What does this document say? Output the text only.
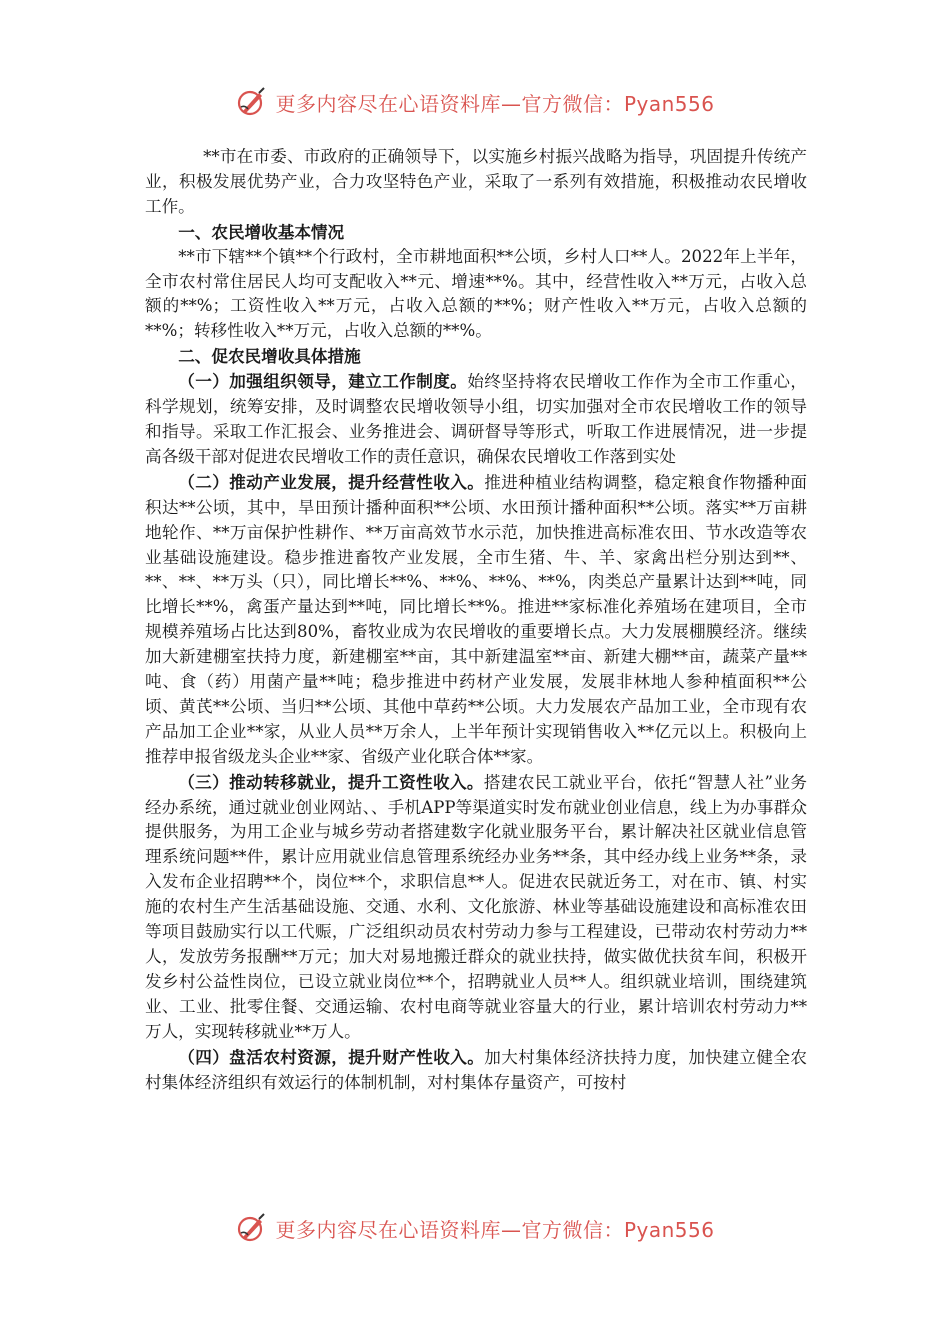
更多内容尽在心语资料库—官方微信：Pyan556

**市在市委、市政府的正确领导下，以实施乡村振兴战略为指导，巩固提升传统产业，积极发展优势产业，合力攻坚特色产业，采取了一系列有效措施，积极推动农民增收工作。

一、农民增收基本情况

**市下辖**个镇**个行政村，全市耕地面积**公顷，乡村人口**人。2022年上半年，全市农村常住居民人均可支配收入**元、增速**%。其中，经营性收入**万元，占收入总额的**%；工资性收入**万元，占收入总额的**%；财产性收入**万元，占收入总额的**%；转移性收入**万元，占收入总额的**%。

二、促农民增收具体措施

（一）加强组织领导，建立工作制度。始终坚持将农民增收工作作为全市工作重心，科学规划，统筹安排，及时调整农民增收领导小组，切实加强对全市农民增收工作的领导和指导。采取工作汇报会、业务推进会、调研督导等形式，听取工作进展情况，进一步提高各级干部对促进农民增收工作的责任意识，确保农民增收工作落到实处

（二）推动产业发展，提升经营性收入。推进种植业结构调整，稳定粮食作物播种面积达**公顷，其中，旱田预计播种面积**公顷、水田预计播种面积**公顷。落实**万亩耕地轮作、**万亩保护性耕作、**万亩高效节水示范，加快推进高标准农田、节水改造等农业基础设施建设。稳步推进畜牧产业发展，全市生猪、牛、羊、家禽出栏分别达到**、**、**、**万头（只），同比增长**%、**%、**%、**%，肉类总产量累计达到**吨，同比增长**%，禽蛋产量达到**吨，同比增长**%。推进**家标准化养殖场在建项目，全市规模养殖场占比达到80%，畜牧业成为农民增收的重要增长点。大力发展棚膜经济。继续加大新建棚室扶持力度，新建棚室**亩，其中新建温室**亩、新建大棚**亩，蔬菜产量**吨、食（药）用菌产量**吨；稳步推进中药材产业发展，发展非林地人参种植面积**公顷、黄芪**公顷、当归**公顷、其他中草药**公顷。大力发展农产品加工业，全市现有农产品加工企业**家，从业人员**万余人，上半年预计实现销售收入**亿元以上。积极向上推荐申报省级龙头企业**家、省级产业化联合体**家。

（三）推动转移就业，提升工资性收入。搭建农民工就业平台，依托“智慧人社”业务经办系统，通过就业创业网站、、手机APP等渠道实时发布就业创业信息，线上为办事群众提供服务，为用工企业与城乡劳动者搭建数字化就业服务平台，累计解决社区就业信息管理系统问题**件，累计应用就业信息管理系统经办业务**条，其中经办线上业务**条，录入发布企业招聘**个，岗位**个，求职信息**人。促进农民就近务工，对在市、镇、村实施的农村生产生活基础设施、交通、水利、文化旅游、林业等基础设施建设和高标准农田等项目鼓励实行以工代赈，广泛组织动员农村劳动力参与工程建设，已带动农村劳动力**人，发放劳务报酬**万元；加大对易地搬迁群众的就业扶持，做实做优扶贫车间，积极开发乡村公益性岗位，已设立就业岗位**个，招聘就业人员**人。组织就业培训，围绕建筑业、工业、批零住餐、交通运输、农村电商等就业容量大的行业，累计培训农村劳动力**万人，实现转移就业**万人。

（四）盘活农村资源，提升财产性收入。加大村集体经济扶持力度，加快建立健全农村集体经济组织有效运行的体制机制，对村集体存量资产，可按村

更多内容尽在心语资料库—官方微信：Pyan556
